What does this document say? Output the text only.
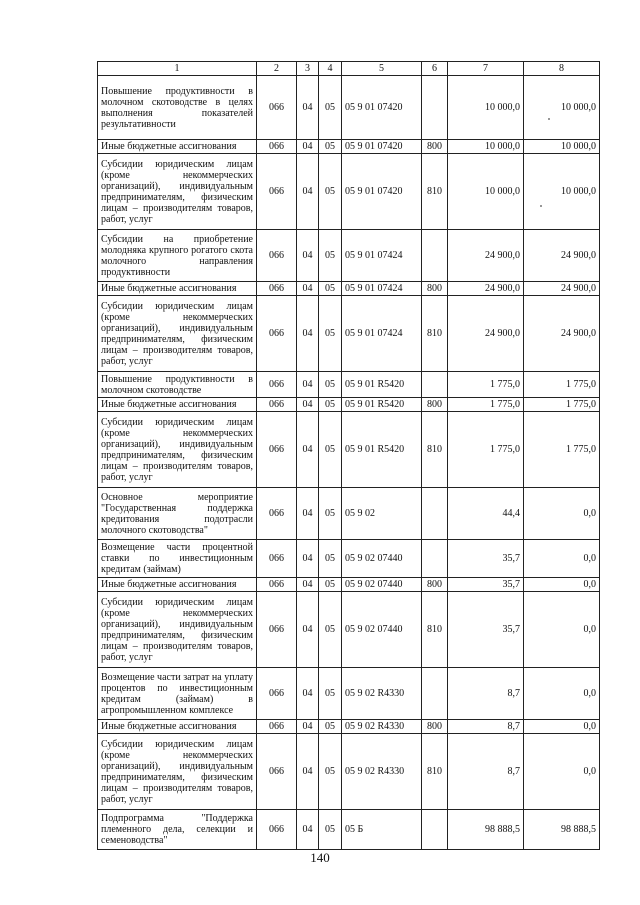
1	2	3	4	5	6	7	8
Повышение продуктивности в молочном скотоводстве в целях выполнения показателей результативности	066	04	05	05 9 01 07420		10 000,0	10 000,0
Иные бюджетные ассигнования	066	04	05	05 9 01 07420	800	10 000,0	10 000,0
Субсидии юридическим лицам (кроме некоммерческих организаций), индивидуальным предпринимателям, физическим лицам – производителям товаров, работ, услуг	066	04	05	05 9 01 07420	810	10 000,0	10 000,0
Субсидии на приобретение молодняка крупного рогатого скота молочного направления продуктивности	066	04	05	05 9 01 07424		24 900,0	24 900,0
Иные бюджетные ассигнования	066	04	05	05 9 01 07424	800	24 900,0	24 900,0
Субсидии юридическим лицам (кроме некоммерческих организаций), индивидуальным предпринимателям, физическим лицам – производителям товаров, работ, услуг	066	04	05	05 9 01 07424	810	24 900,0	24 900,0
Повышение продуктивности в молочном скотоводстве	066	04	05	05 9 01 R5420		1 775,0	1 775,0
Иные бюджетные ассигнования	066	04	05	05 9 01 R5420	800	1 775,0	1 775,0
Субсидии юридическим лицам (кроме некоммерческих организаций), индивидуальным предпринимателям, физическим лицам – производителям товаров, работ, услуг	066	04	05	05 9 01 R5420	810	1 775,0	1 775,0
Основное мероприятие "Государственная поддержка кредитования подотрасли молочного скотоводства"	066	04	05	05 9 02		44,4	0,0
Возмещение части процентной ставки по инвестиционным кредитам (займам)	066	04	05	05 9 02 07440		35,7	0,0
Иные бюджетные ассигнования	066	04	05	05 9 02 07440	800	35,7	0,0
Субсидии юридическим лицам (кроме некоммерческих организаций), индивидуальным предпринимателям, физическим лицам – производителям товаров, работ, услуг	066	04	05	05 9 02 07440	810	35,7	0,0
Возмещение части затрат на уплату процентов по инвестиционным кредитам (займам) в агропромышленном комплексе	066	04	05	05 9 02 R4330		8,7	0,0
Иные бюджетные ассигнования	066	04	05	05 9 02 R4330	800	8,7	0,0
Субсидии юридическим лицам (кроме некоммерческих организаций), индивидуальным предпринимателям, физическим лицам – производителям товаров, работ, услуг	066	04	05	05 9 02 R4330	810	8,7	0,0
Подпрограмма "Поддержка племенного дела, селекции и семеноводства"	066	04	05	05 Б		98 888,5	98 888,5
140
